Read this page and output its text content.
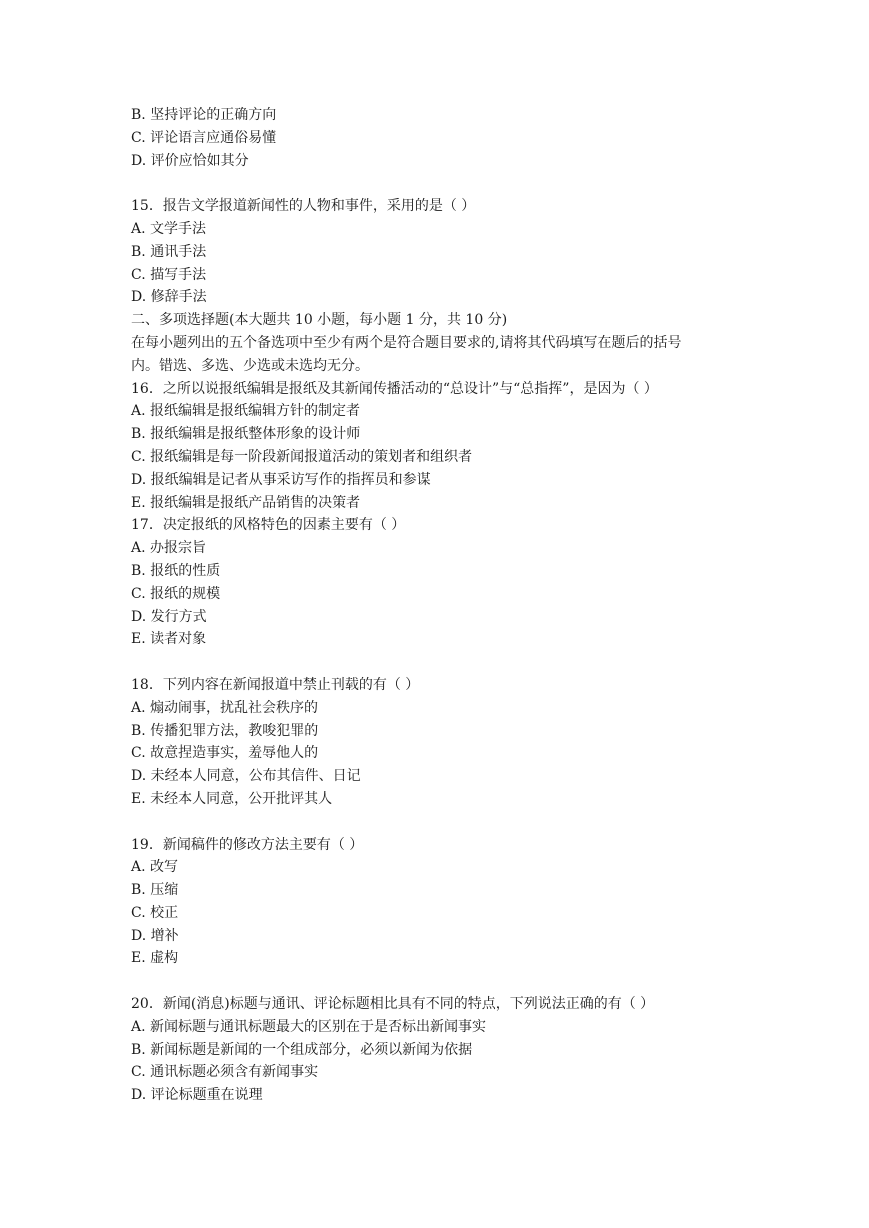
B. 坚持评论的正确方向
C. 评论语言应通俗易懂
D. 评价应恰如其分
15．报告文学报道新闻性的人物和事件，采用的是（ ）
A. 文学手法
B. 通讯手法
C. 描写手法
D. 修辞手法
二、多项选择题(本大题共 10 小题，每小题 1 分，共 10 分)
在每小题列出的五个备选项中至少有两个是符合题目要求的,请将其代码填写在题后的括号
内。错选、多选、少选或未选均无分。
16．之所以说报纸编辑是报纸及其新闻传播活动的“总设计”与“总指挥”，是因为（ ）
A. 报纸编辑是报纸编辑方针的制定者
B. 报纸编辑是报纸整体形象的设计师
C. 报纸编辑是每一阶段新闻报道活动的策划者和组织者
D. 报纸编辑是记者从事采访写作的指挥员和参谋
E. 报纸编辑是报纸产品销售的决策者
17．决定报纸的风格特色的因素主要有（ ）
A. 办报宗旨
B. 报纸的性质
C. 报纸的规模
D. 发行方式
E. 读者对象
18．下列内容在新闻报道中禁止刊载的有（ ）
A. 煽动闹事，扰乱社会秩序的
B. 传播犯罪方法，教唆犯罪的
C. 故意捏造事实，羞辱他人的
D. 未经本人同意，公布其信件、日记
E. 未经本人同意，公开批评其人
19．新闻稿件的修改方法主要有（ ）
A. 改写
B. 压缩
C. 校正
D. 增补
E. 虚构
20．新闻(消息)标题与通讯、评论标题相比具有不同的特点，下列说法正确的有（ ）
A. 新闻标题与通讯标题最大的区别在于是否标出新闻事实
B. 新闻标题是新闻的一个组成部分，必须以新闻为依据
C. 通讯标题必须含有新闻事实
D. 评论标题重在说理
